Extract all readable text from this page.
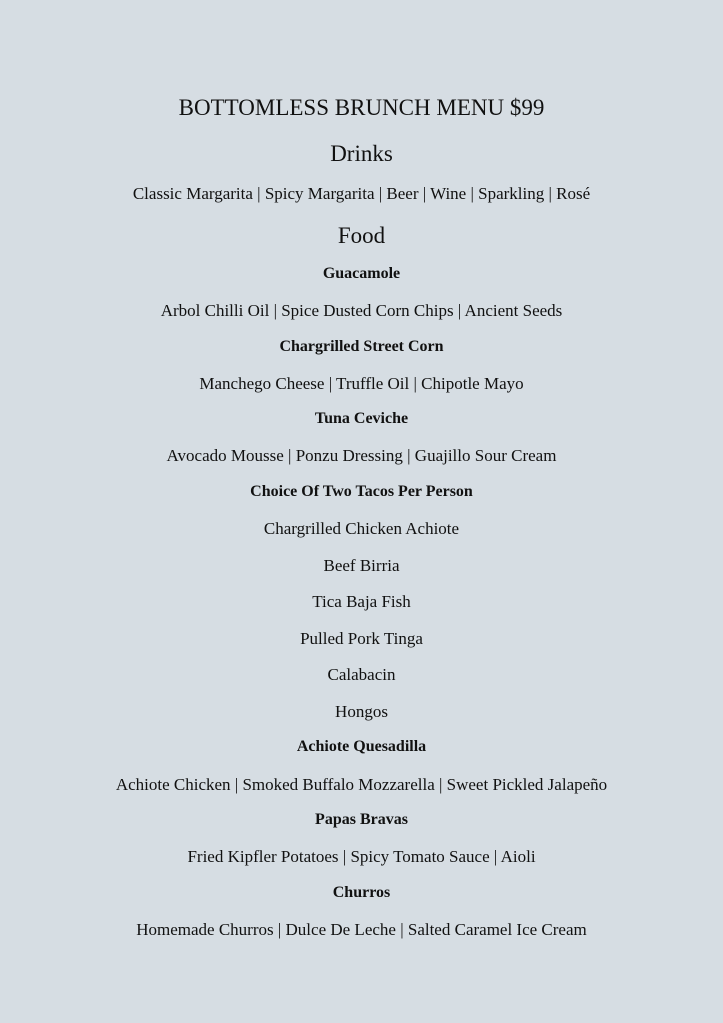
BOTTOMLESS BRUNCH MENU $99
Drinks
Classic Margarita | Spicy Margarita | Beer | Wine | Sparkling | Rosé
Food
Guacamole
Arbol Chilli Oil | Spice Dusted Corn Chips | Ancient Seeds
Chargrilled Street Corn
Manchego Cheese | Truffle Oil | Chipotle Mayo
Tuna Ceviche
Avocado Mousse | Ponzu Dressing | Guajillo Sour Cream
Choice Of Two Tacos Per Person
Chargrilled Chicken Achiote
Beef Birria
Tica Baja Fish
Pulled Pork Tinga
Calabacin
Hongos
Achiote Quesadilla
Achiote Chicken | Smoked Buffalo Mozzarella | Sweet Pickled Jalapeño
Papas Bravas
Fried Kipfler Potatoes | Spicy Tomato Sauce | Aioli
Churros
Homemade Churros | Dulce De Leche | Salted Caramel Ice Cream
